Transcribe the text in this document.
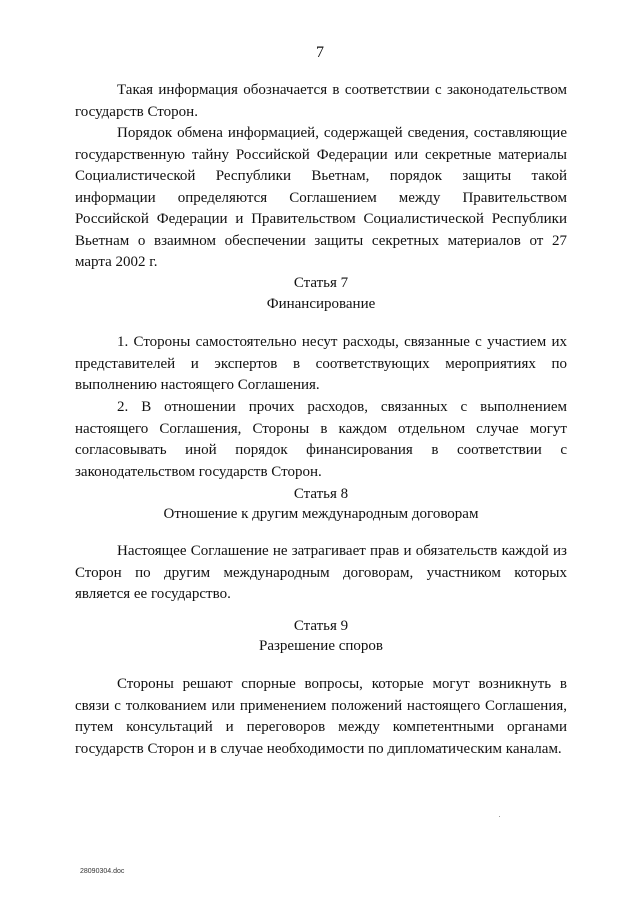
7

Такая информация обозначается в соответствии с законодательством государств Сторон.

Порядок обмена информацией, содержащей сведения, составляющие государственную тайну Российской Федерации или секретные материалы Социалистической Республики Вьетнам, порядок защиты такой информации определяются Соглашением между Правительством Российской Федерации и Правительством Социалистической Республики Вьетнам о взаимном обеспечении защиты секретных материалов от 27 марта 2002 г.

Статья 7
Финансирование

1. Стороны самостоятельно несут расходы, связанные с участием их представителей и экспертов в соответствующих мероприятиях по выполнению настоящего Соглашения.

2. В отношении прочих расходов, связанных с выполнением настоящего Соглашения, Стороны в каждом отдельном случае могут согласовывать иной порядок финансирования в соответствии с законодательством государств Сторон.

Статья 8
Отношение к другим международным договорам

Настоящее Соглашение не затрагивает прав и обязательств каждой из Сторон по другим международным договорам, участником которых является ее государство.

Статья 9
Разрешение споров

Стороны решают спорные вопросы, которые могут возникнуть в связи с толкованием или применением положений настоящего Соглашения, путем консультаций и переговоров между компетентными органами государств Сторон и в случае необходимости по дипломатическим каналам.

28090304.doc
